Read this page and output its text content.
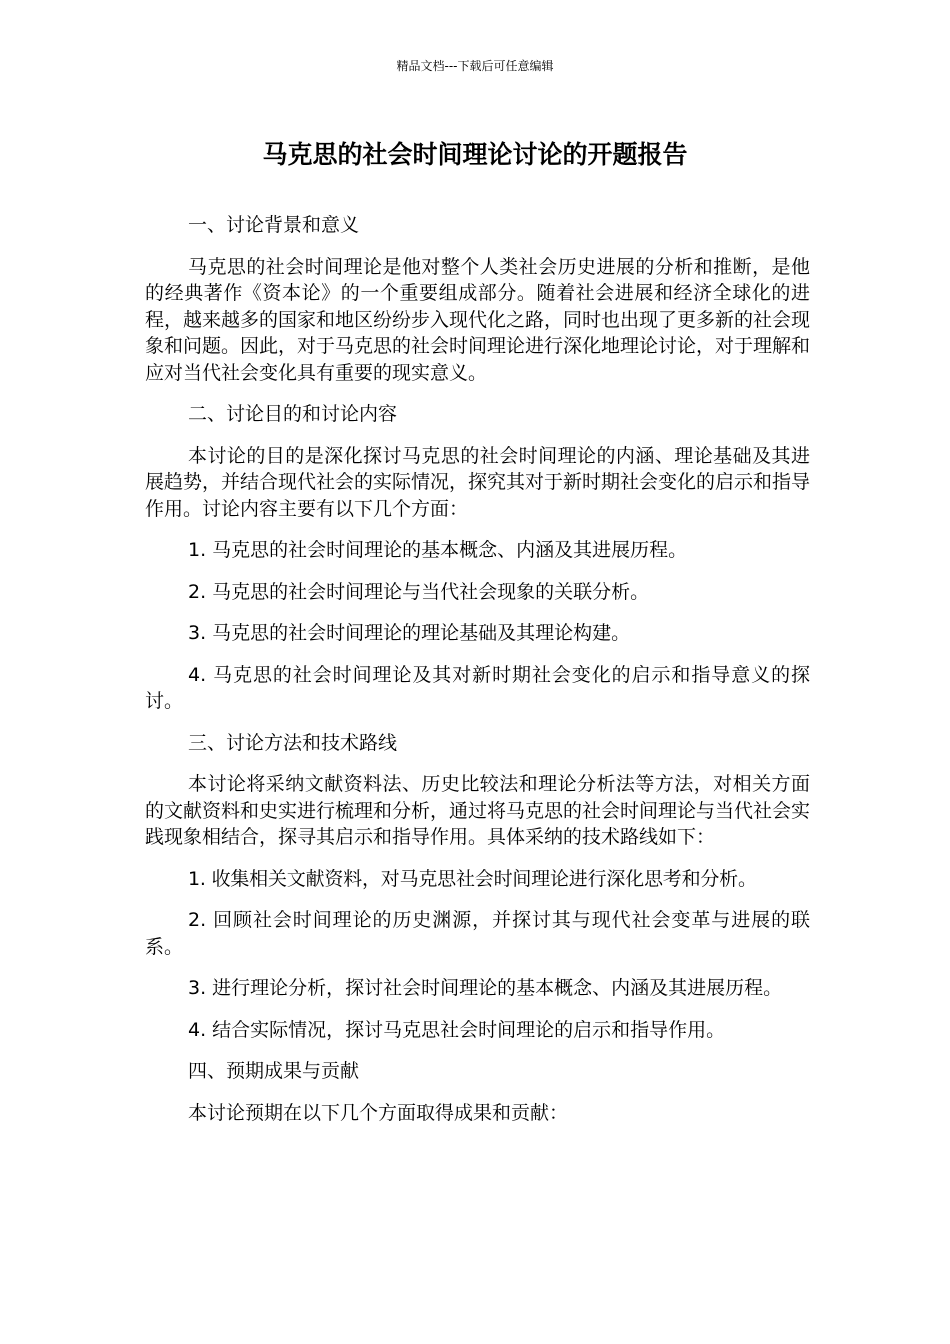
精品文档---下载后可任意编辑
马克思的社会时间理论讨论的开题报告

一、讨论背景和意义

马克思的社会时间理论是他对整个人类社会历史进展的分析和推断，是他的经典著作《资本论》的一个重要组成部分。随着社会进展和经济全球化的进程，越来越多的国家和地区纷纷步入现代化之路，同时也出现了更多新的社会现象和问题。因此，对于马克思的社会时间理论进行深化地理论讨论，对于理解和应对当代社会变化具有重要的现实意义。

二、讨论目的和讨论内容

本讨论的目的是深化探讨马克思的社会时间理论的内涵、理论基础及其进展趋势，并结合现代社会的实际情况，探究其对于新时期社会变化的启示和指导作用。讨论内容主要有以下几个方面：

1. 马克思的社会时间理论的基本概念、内涵及其进展历程。

2. 马克思的社会时间理论与当代社会现象的关联分析。

3. 马克思的社会时间理论的理论基础及其理论构建。

4. 马克思的社会时间理论及其对新时期社会变化的启示和指导意义的探讨。

三、讨论方法和技术路线

本讨论将采纳文献资料法、历史比较法和理论分析法等方法，对相关方面的文献资料和史实进行梳理和分析，通过将马克思的社会时间理论与当代社会实践现象相结合，探寻其启示和指导作用。具体采纳的技术路线如下：

1. 收集相关文献资料，对马克思社会时间理论进行深化思考和分析。

2. 回顾社会时间理论的历史渊源，并探讨其与现代社会变革与进展的联系。

3. 进行理论分析，探讨社会时间理论的基本概念、内涵及其进展历程。

4. 结合实际情况，探讨马克思社会时间理论的启示和指导作用。

四、预期成果与贡献

本讨论预期在以下几个方面取得成果和贡献：
